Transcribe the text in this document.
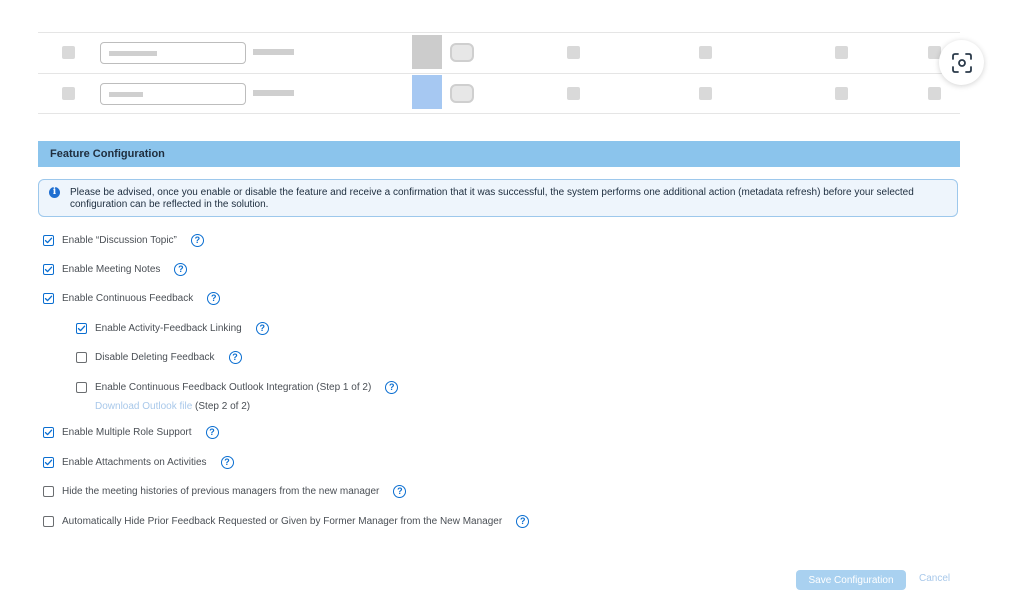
Feature Configuration
i	Please be advised, once you enable or disable the feature and receive a confirmation that it was successful, the system performs one additional action (metadata refresh) before your selected configuration can be reflected in the solution.
Enable “Discussion Topic”	?
Enable Meeting Notes	?
Enable Continuous Feedback	?
Enable Activity-Feedback Linking	?
Disable Deleting Feedback	?
Enable Continuous Feedback Outlook Integration (Step 1 of 2)	?
Download Outlook file (Step 2 of 2)
Enable Multiple Role Support	?
Enable Attachments on Activities	?
Hide the meeting histories of previous managers from the new manager	?
Automatically Hide Prior Feedback Requested or Given by Former Manager from the New Manager	?
Save Configuration	Cancel
